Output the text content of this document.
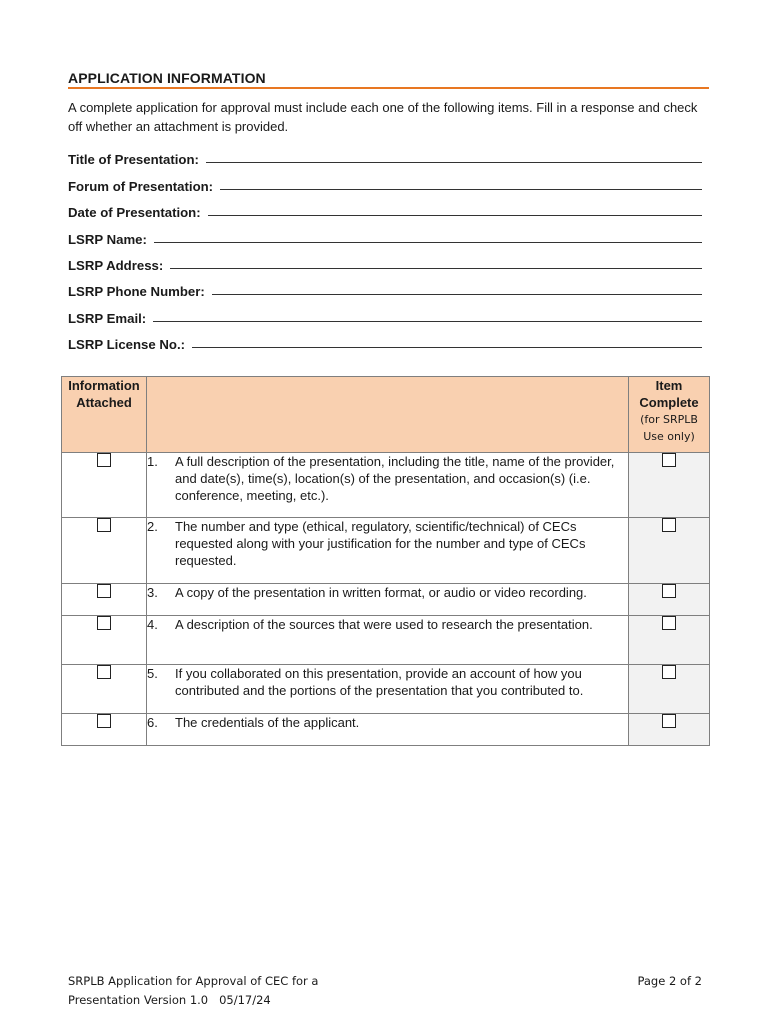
APPLICATION INFORMATION
A complete application for approval must include each one of the following items. Fill in a response and check off whether an attachment is provided.
Title of Presentation:
Forum of Presentation:
Date of Presentation:
LSRP Name:
LSRP Address:
LSRP Phone Number:
LSRP Email:
LSRP License No.:
Information Attached		Item Complete
(for SRPLB Use only)

	1. A full description of the presentation, including the title, name of the provider, and date(s), time(s), location(s) of the presentation, and occasion(s) (i.e. conference, meeting, etc.).	

	2. The number and type (ethical, regulatory, scientific/technical) of CECs requested along with your justification for the number and type of CECs requested.	

	3. A copy of the presentation in written format, or audio or video recording.	

	4. A description of the sources that were used to research the presentation.	

	5. If you collaborated on this presentation, provide an account of how you contributed and the portions of the presentation that you contributed to.	

	6. The credentials of the applicant.	

SRPLB Application for Approval of CEC for a
Presentation Version 1.0   05/17/24
Page 2 of 2
